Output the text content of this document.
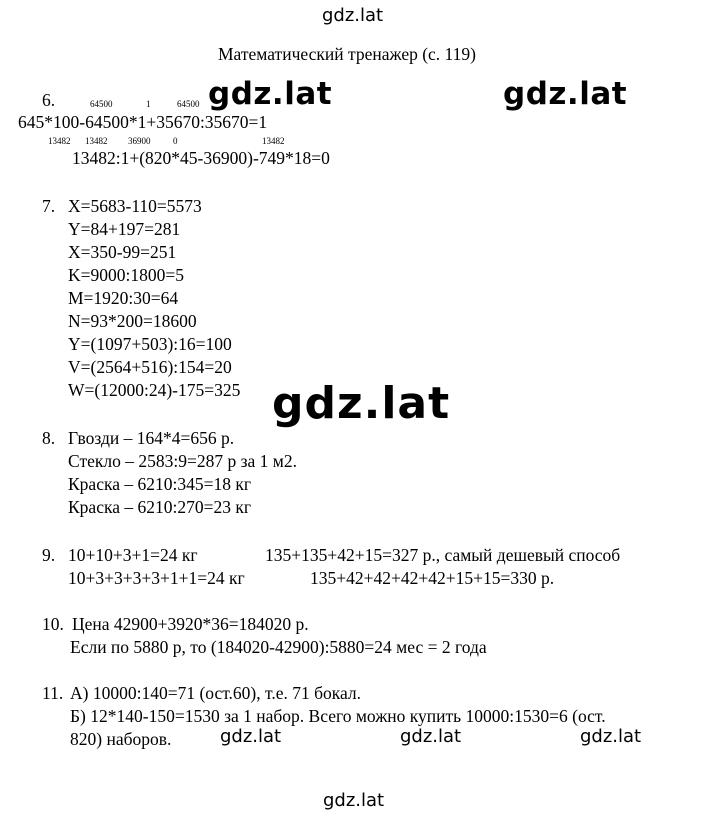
gdz.lat
gdz.lat	gdz.lat
gdz.lat
gdz.lat	gdz.lat	gdz.lat
gdz.lat
Математический тренажер (с. 119)
6.	64500	1	64500
645*100-64500*1+35670:35670=1
13482 13482 36900	0	13482
13482:1+(820*45-36900)-749*18=0
7. X=5683-110=5573
Y=84+197=281
X=350-99=251
K=9000:1800=5
M=1920:30=64
N=93*200=18600
Y=(1097+503):16=100
V=(2564+516):154=20
W=(12000:24)-175=325
8. Гвозди – 164*4=656 р.
Стекло – 2583:9=287 р за 1 м2.
Краска – 6210:345=18 кг
Краска – 6210:270=23 кг
9. 10+10+3+1=24 кг	135+135+42+15=327 р., самый дешевый способ
10+3+3+3+3+1+1=24 кг	135+42+42+42+42+15+15=330 р.
10. Цена 42900+3920*36=184020 р.
Если по 5880 р, то (184020-42900):5880=24 мес = 2 года
11. А) 10000:140=71 (ост.60), т.е. 71 бокал.
Б) 12*140-150=1530 за 1 набор. Всего можно купить 10000:1530=6 (ост.
820) наборов.
